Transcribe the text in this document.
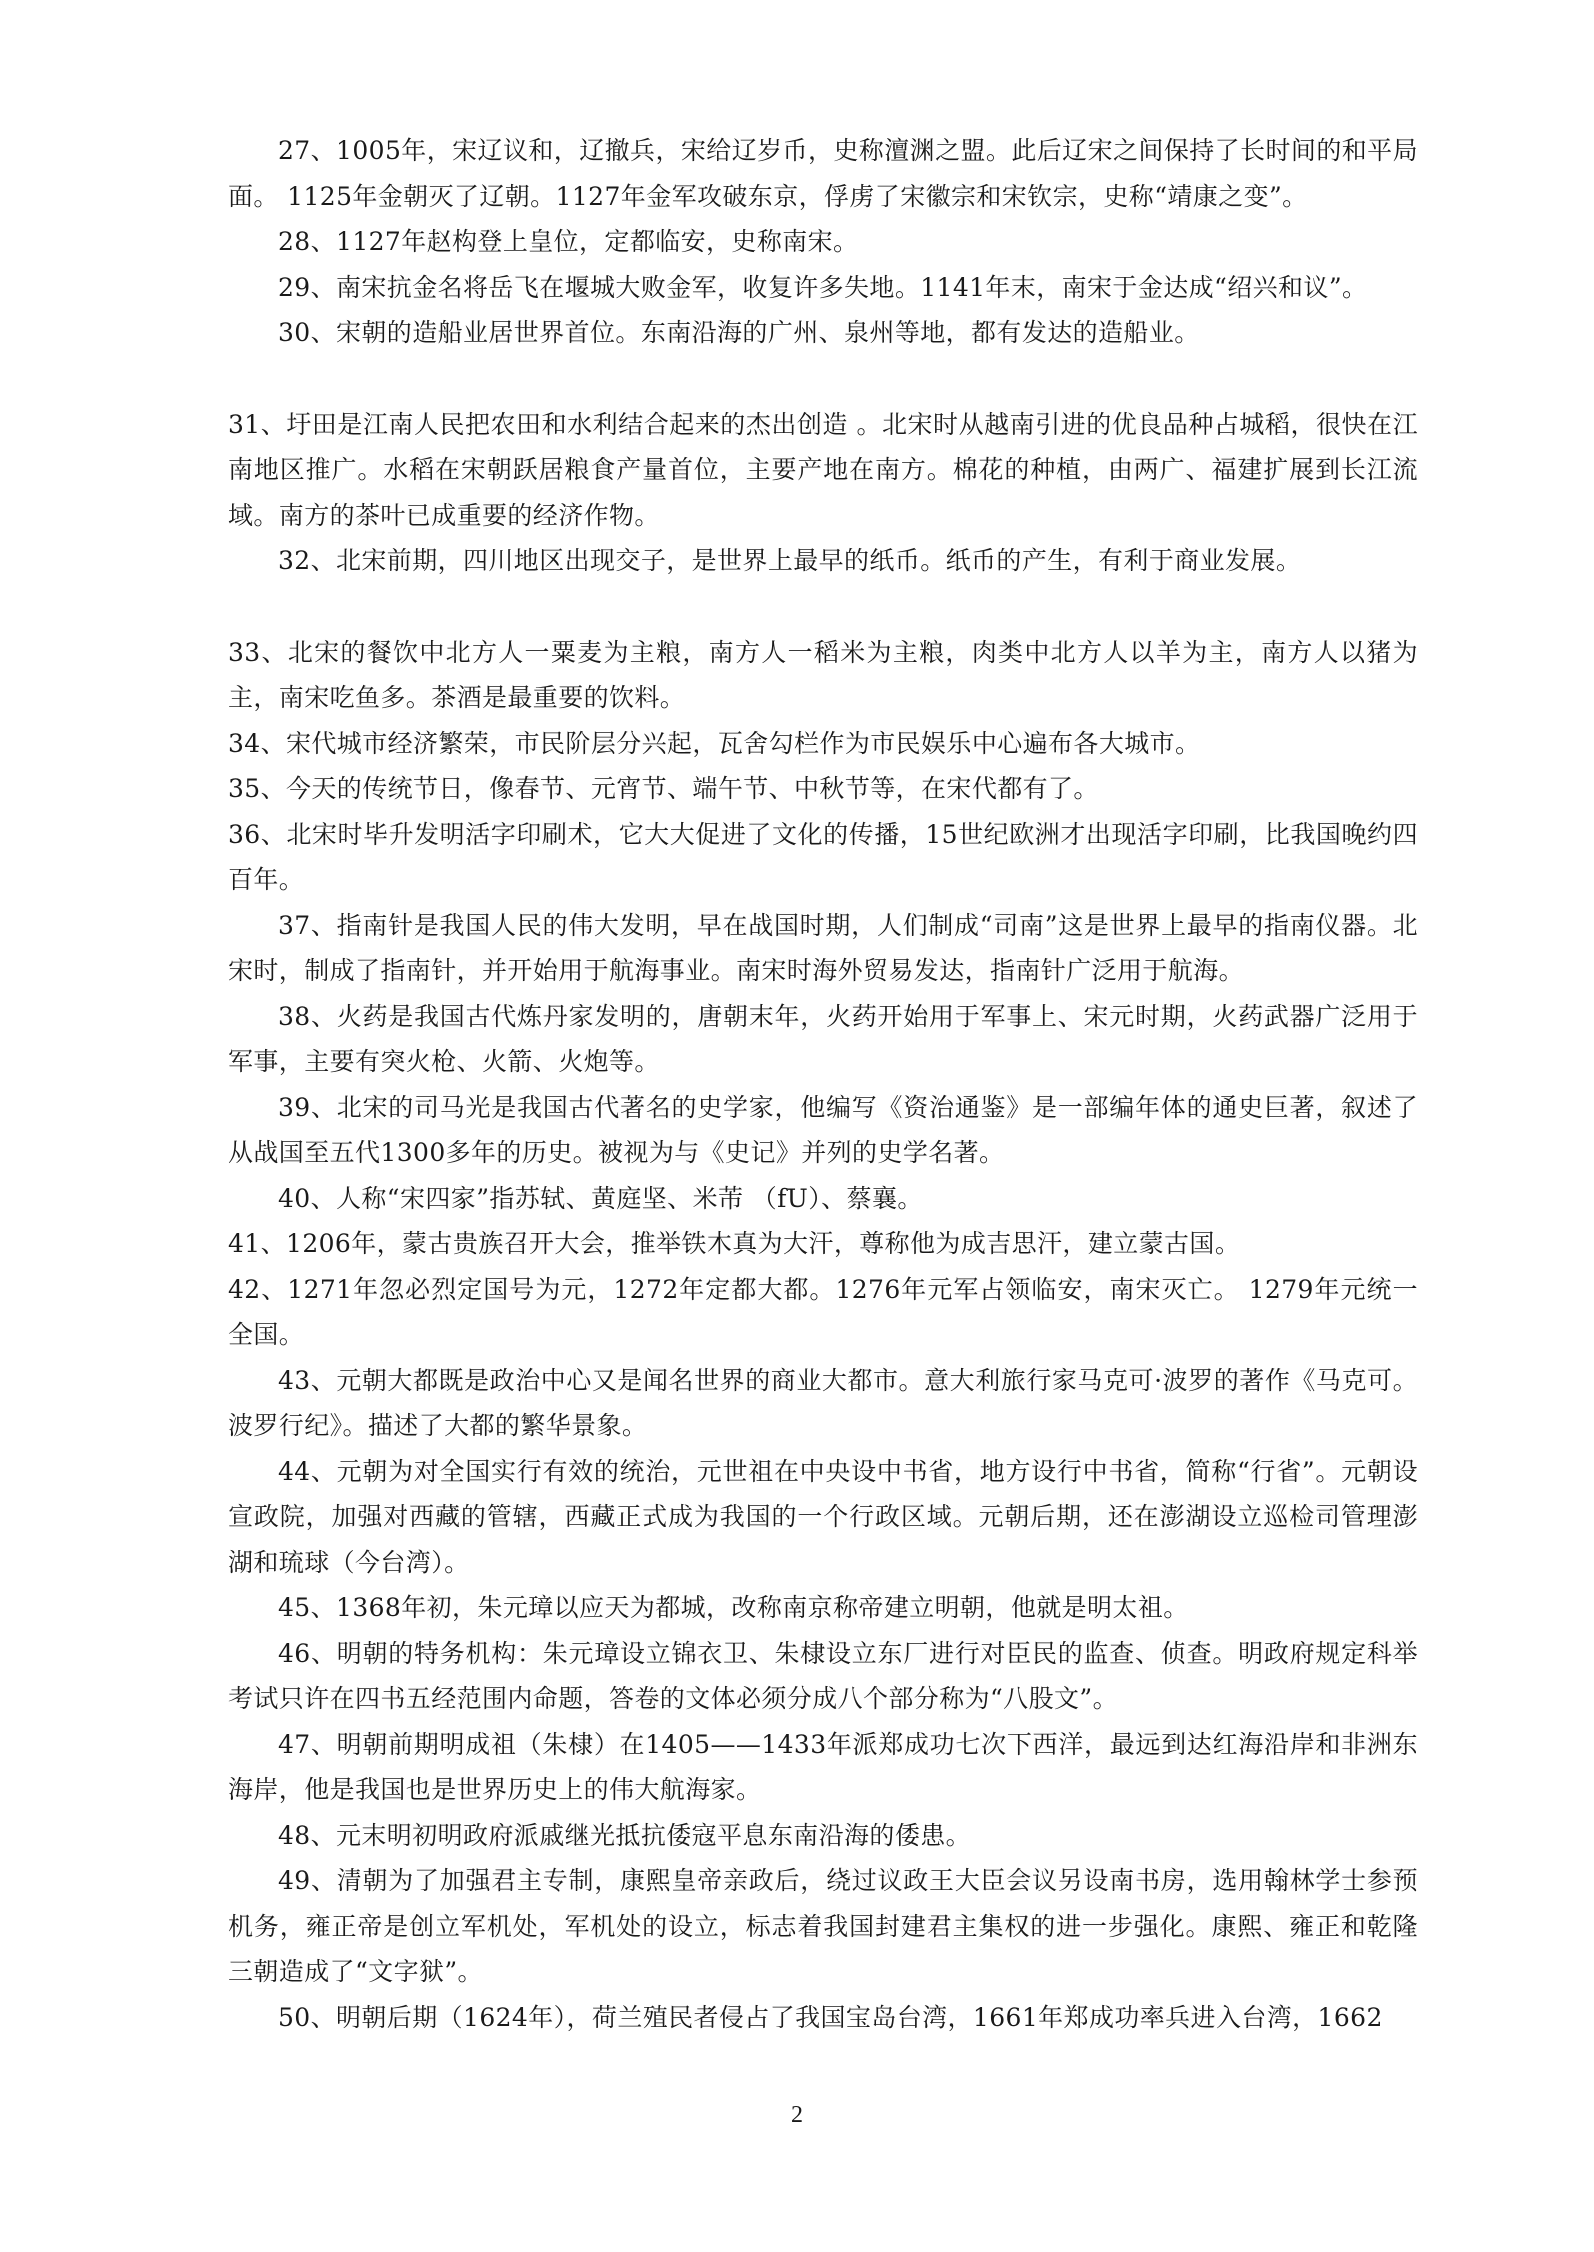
27、1005年，宋辽议和，辽撤兵，宋给辽岁币，史称澶渊之盟。此后辽宋之间保持了长时间的和平局面。 1125年金朝灭了辽朝。1127年金军攻破东京，俘虏了宋徽宗和宋钦宗，史称“靖康之变”。

28、1127年赵构登上皇位，定都临安，史称南宋。

29、南宋抗金名将岳飞在堰城大败金军，收复许多失地。1141年末，南宋于金达成“绍兴和议”。

30、宋朝的造船业居世界首位。东南沿海的广州、泉州等地，都有发达的造船业。

31、圩田是江南人民把农田和水利结合起来的杰出创造 。北宋时从越南引进的优良品种占城稻，很快在江南地区推广。水稻在宋朝跃居粮食产量首位，主要产地在南方。棉花的种植，由两广、福建扩展到长江流域。南方的茶叶已成重要的经济作物。

32、北宋前期，四川地区出现交子，是世界上最早的纸币。纸币的产生，有利于商业发展。

33、北宋的餐饮中北方人一粟麦为主粮，南方人一稻米为主粮，肉类中北方人以羊为主，南方人以猪为主，南宋吃鱼多。茶酒是最重要的饮料。

34、宋代城市经济繁荣，市民阶层分兴起，瓦舍勾栏作为市民娱乐中心遍布各大城市。

35、今天的传统节日，像春节、元宵节、端午节、中秋节等，在宋代都有了。

36、北宋时毕升发明活字印刷术，它大大促进了文化的传播，15世纪欧洲才出现活字印刷，比我国晚约四百年。

37、指南针是我国人民的伟大发明，早在战国时期，人们制成“司南”这是世界上最早的指南仪器。北宋时，制成了指南针，并开始用于航海事业。南宋时海外贸易发达，指南针广泛用于航海。

38、火药是我国古代炼丹家发明的，唐朝末年，火药开始用于军事上、宋元时期，火药武器广泛用于军事，主要有突火枪、火箭、火炮等。

39、北宋的司马光是我国古代著名的史学家，他编写《资治通鉴》是一部编年体的通史巨著，叙述了从战国至五代1300多年的历史。被视为与《史记》并列的史学名著。

40、人称“宋四家”指苏轼、黄庭坚、米芾 （fU）、蔡襄。

41、1206年，蒙古贵族召开大会，推举铁木真为大汗，尊称他为成吉思汗，建立蒙古国。

42、1271年忽必烈定国号为元，1272年定都大都。1276年元军占领临安，南宋灭亡。 1279年元统一全国。

43、元朝大都既是政治中心又是闻名世界的商业大都市。意大利旅行家马克可·波罗的著作《马克可。波罗行纪》。描述了大都的繁华景象。

44、元朝为对全国实行有效的统治，元世祖在中央设中书省，地方设行中书省，简称“行省”。元朝设宣政院，加强对西藏的管辖，西藏正式成为我国的一个行政区域。元朝后期，还在澎湖设立巡检司管理澎湖和琉球（今台湾）。

45、1368年初，朱元璋以应天为都城，改称南京称帝建立明朝，他就是明太祖。

46、明朝的特务机构：朱元璋设立锦衣卫、朱棣设立东厂进行对臣民的监查、侦查。明政府规定科举考试只许在四书五经范围内命题，答卷的文体必须分成八个部分称为“八股文”。

47、明朝前期明成祖（朱棣）在1405——1433年派郑成功七次下西洋，最远到达红海沿岸和非洲东海岸，他是我国也是世界历史上的伟大航海家。

48、元末明初明政府派戚继光抵抗倭寇平息东南沿海的倭患。

49、清朝为了加强君主专制，康熙皇帝亲政后，绕过议政王大臣会议另设南书房，选用翰林学士参预机务，雍正帝是创立军机处，军机处的设立，标志着我国封建君主集权的进一步强化。康熙、雍正和乾隆三朝造成了“文字狱”。

50、明朝后期（1624年），荷兰殖民者侵占了我国宝岛台湾，1661年郑成功率兵进入台湾，1662

2
